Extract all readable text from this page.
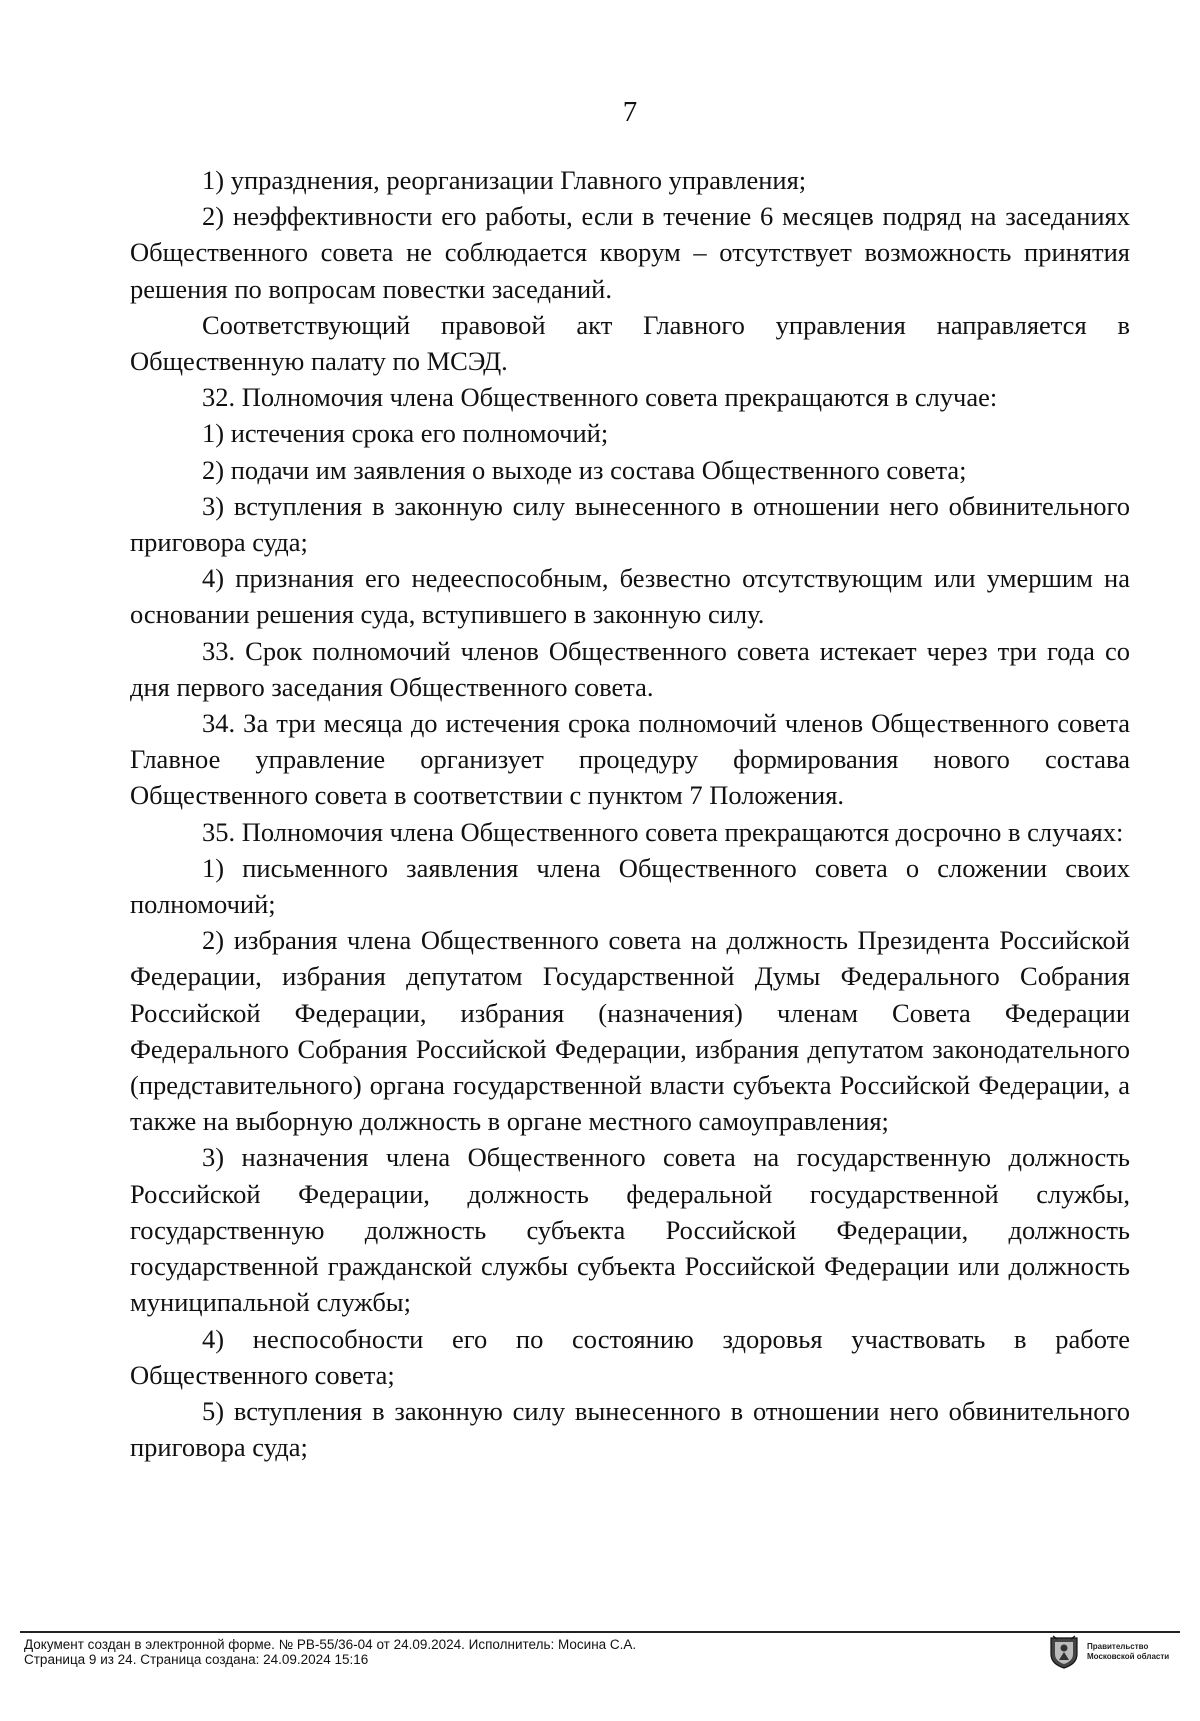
7

1) упразднения, реорганизации Главного управления;

2) неэффективности его работы, если в течение 6 месяцев подряд на заседаниях Общественного совета не соблюдается кворум – отсутствует возможность принятия решения по вопросам повестки заседаний.

Соответствующий правовой акт Главного управления направляется в Общественную палату по МСЭД.

32. Полномочия члена Общественного совета прекращаются в случае:

1) истечения срока его полномочий;

2) подачи им заявления о выходе из состава Общественного совета;

3) вступления в законную силу вынесенного в отношении него обвинительного приговора суда;

4) признания его недееспособным, безвестно отсутствующим или умершим на основании решения суда, вступившего в законную силу.

33. Срок полномочий членов Общественного совета истекает через три года со дня первого заседания Общественного совета.

34. За три месяца до истечения срока полномочий членов Общественного совета Главное управление организует процедуру формирования нового состава Общественного совета в соответствии с пунктом 7 Положения.

35. Полномочия члена Общественного совета прекращаются досрочно в случаях:

1) письменного заявления члена Общественного совета о сложении своих полномочий;

2) избрания члена Общественного совета на должность Президента Российской Федерации, избрания депутатом Государственной Думы Федерального Собрания Российской Федерации, избрания (назначения) членам Совета Федерации Федерального Собрания Российской Федерации, избрания депутатом законодательного (представительного) органа государственной власти субъекта Российской Федерации, а также на выборную должность в органе местного самоуправления;

3) назначения члена Общественного совета на государственную должность Российской Федерации, должность федеральной государственной службы, государственную должность субъекта Российской Федерации, должность государственной гражданской службы субъекта Российской Федерации или должность муниципальной службы;

4) неспособности его по состоянию здоровья участвовать в работе Общественного совета;

5) вступления в законную силу вынесенного в отношении него обвинительного приговора суда;

Документ создан в электронной форме. № РВ-55/36-04 от 24.09.2024. Исполнитель: Мосина С.А.
Страница 9 из 24. Страница создана: 24.09.2024 15:16
Правительство
Московской области
